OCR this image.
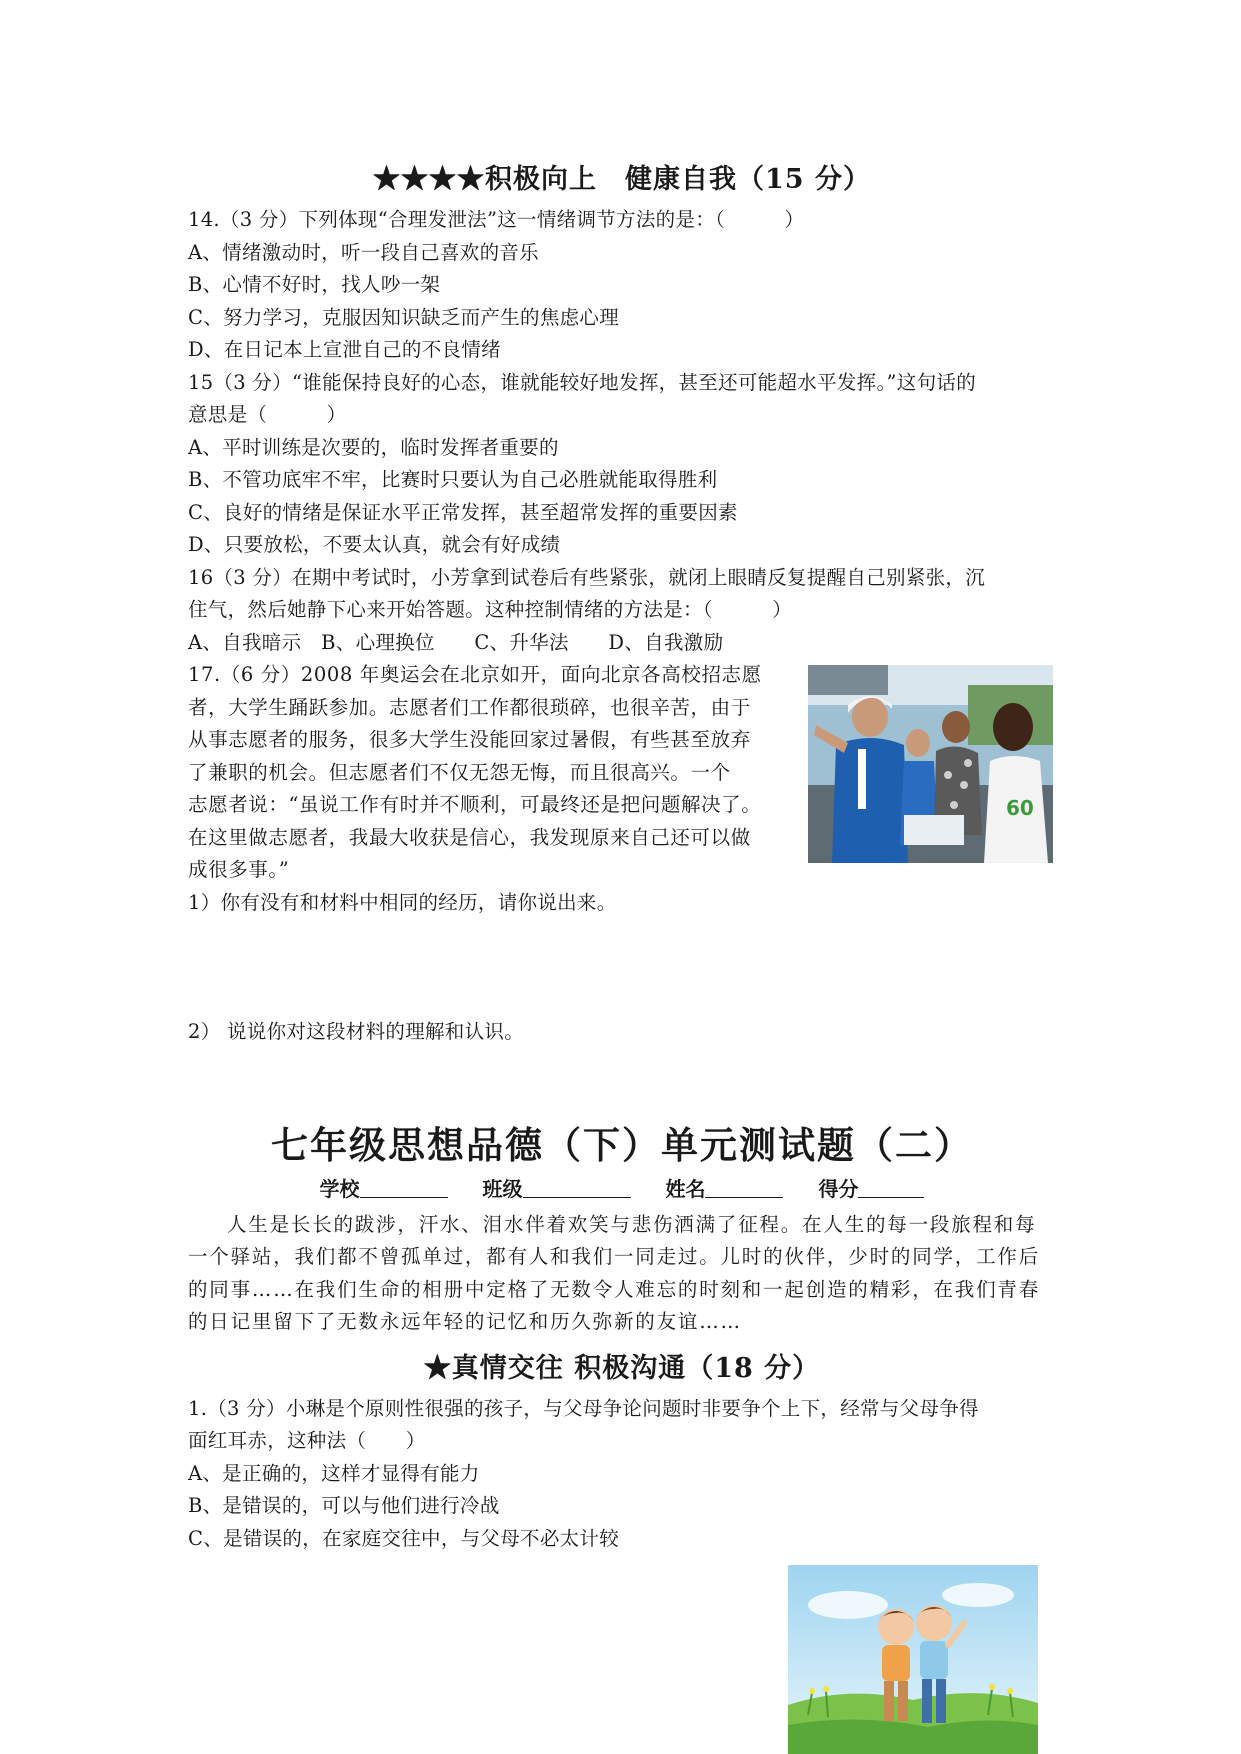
★★★★积极向上　健康自我（15 分）
14.（3 分）下列体现“合理发泄法”这一情绪调节方法的是：（　　　）
A、情绪激动时，听一段自己喜欢的音乐
B、心情不好时，找人吵一架
C、努力学习，克服因知识缺乏而产生的焦虑心理
D、在日记本上宣泄自己的不良情绪
15（3 分）“谁能保持良好的心态，谁就能较好地发挥，甚至还可能超水平发挥。”这句话的
意思是（　　　）
A、平时训练是次要的，临时发挥者重要的
B、不管功底牢不牢，比赛时只要认为自己必胜就能取得胜利
C、良好的情绪是保证水平正常发挥，甚至超常发挥的重要因素
D、只要放松，不要太认真，就会有好成绩
16（3 分）在期中考试时，小芳拿到试卷后有些紧张，就闭上眼睛反复提醒自己别紧张，沉
住气，然后她静下心来开始答题。这种控制情绪的方法是：（　　　）
A、自我暗示　B、心理换位　　C、升华法　　D、自我激励
17.（6 分）2008 年奥运会在北京如开，面向北京各高校招志愿
者，大学生踊跃参加。志愿者们工作都很琐碎，也很辛苦，由于
从事志愿者的服务，很多大学生没能回家过暑假，有些甚至放弃
了兼职的机会。但志愿者们不仅无怨无悔，而且很高兴。一个
志愿者说：“虽说工作有时并不顺利，可最终还是把问题解决了。
在这里做志愿者，我最大收获是信心，我发现原来自己还可以做
成很多事。”
60
1）你有没有和材料中相同的经历，请你说出来。
2） 说说你对这段材料的理解和认识。
七年级思想品德（下）单元测试题（二）
学校	班级	姓名	得分
人生是长长的跋涉，汗水、泪水伴着欢笑与悲伤洒满了征程。在人生的每一段旅程和每
一个驿站，我们都不曾孤单过，都有人和我们一同走过。儿时的伙伴，少时的同学，工作后
的同事……在我们生命的相册中定格了无数令人难忘的时刻和一起创造的精彩，在我们青春
的日记里留下了无数永远年轻的记忆和历久弥新的友谊……
★真情交往 积极沟通（18 分）
1.（3 分）小琳是个原则性很强的孩子，与父母争论问题时非要争个上下，经常与父母争得
面红耳赤，这种法（　　）
A、是正确的，这样才显得有能力
B、是错误的，可以与他们进行冷战
C、是错误的，在家庭交往中，与父母不必太计较
